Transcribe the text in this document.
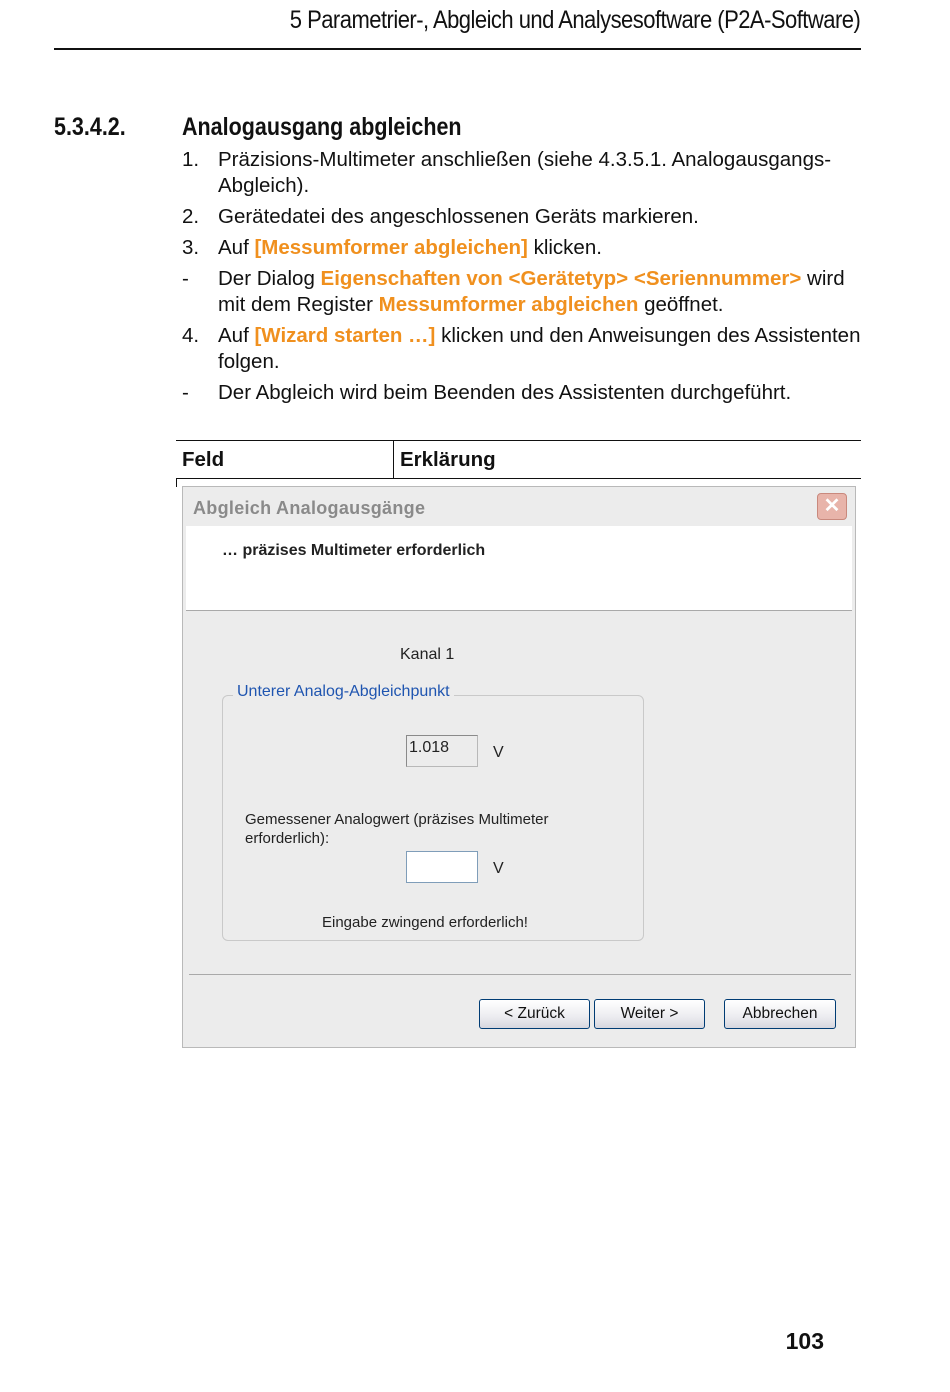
5 Parametrier-, Abgleich und Analysesoftware (P2A-Software)
5.3.4.2. Analogausgang abgleichen
1. Präzisions-Multimeter anschließen (siehe 4.3.5.1. Analogausgangs-Abgleich).
2. Gerätedatei des angeschlossenen Geräts markieren.
3. Auf [Messumformer abgleichen] klicken.
-	Der Dialog Eigenschaften von <Gerätetyp> <Seriennummer> wird mit dem Register Messumformer abgleichen geöffnet.
4. Auf [Wizard starten …] klicken und den Anweisungen des Assistenten folgen.
-	Der Abgleich wird beim Beenden des Assistenten durchgeführt.
Feld	Erklärung
Abgleich Analogausgänge	✕
… präzises Multimeter erforderlich
Kanal 1
Unterer Analog-Abgleichpunkt
1.018	V
Gemessener Analogwert (präzises Multimeter erforderlich):
V
Eingabe zwingend erforderlich!
< Zurück	Weiter >	Abbrechen
103
